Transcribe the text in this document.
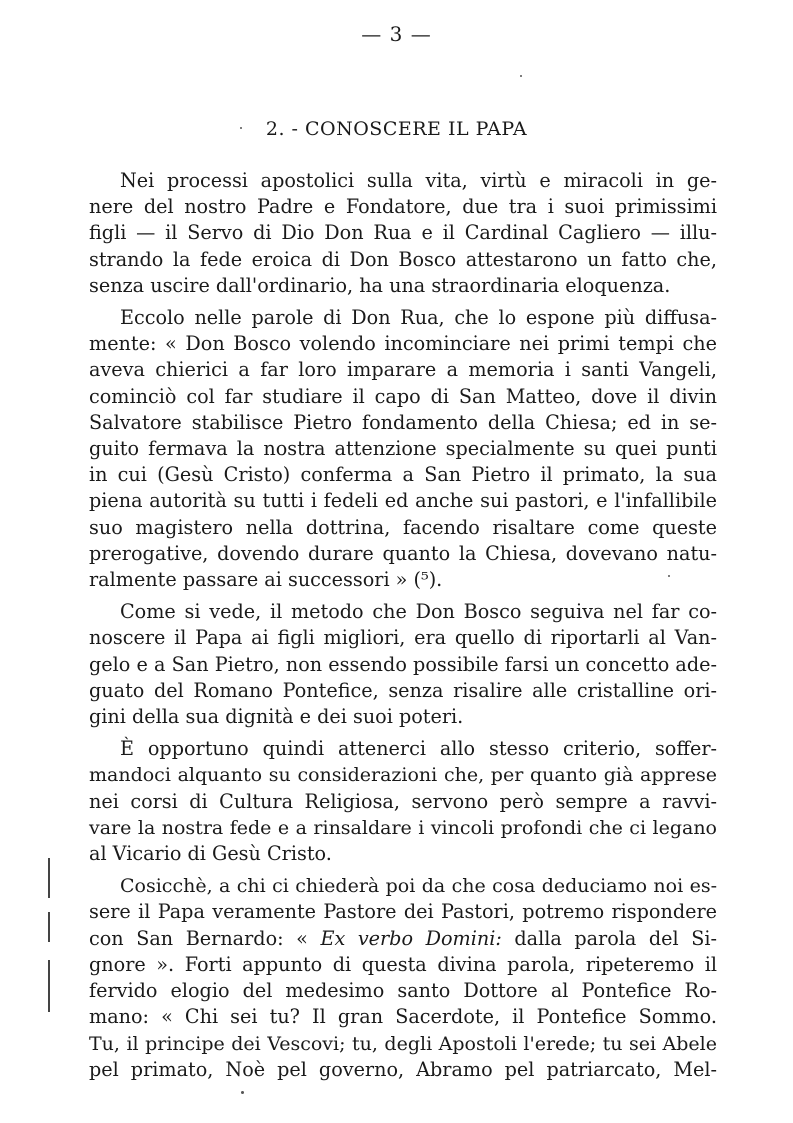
— 3 —
2. - CONOSCERE IL PAPA

Nei processi apostolici sulla vita, virtù e miracoli in ge-
nere del nostro Padre e Fondatore, due tra i suoi primissimi
figli — il Servo di Dio Don Rua e il Cardinal Cagliero — illu-
strando la fede eroica di Don Bosco attestarono un fatto che,
senza uscire dall'ordinario, ha una straordinaria eloquenza.

Eccolo nelle parole di Don Rua, che lo espone più diffusa-
mente: « Don Bosco volendo incominciare nei primi tempi che
aveva chierici a far loro imparare a memoria i santi Vangeli,
cominciò col far studiare il capo di San Matteo, dove il divin
Salvatore stabilisce Pietro fondamento della Chiesa; ed in se-
guito fermava la nostra attenzione specialmente su quei punti
in cui (Gesù Cristo) conferma a San Pietro il primato, la sua
piena autorità su tutti i fedeli ed anche sui pastori, e l'infallibile
suo magistero nella dottrina, facendo risaltare come queste
prerogative, dovendo durare quanto la Chiesa, dovevano natu-
ralmente passare ai successori » (⁵).

Come si vede, il metodo che Don Bosco seguiva nel far co-
noscere il Papa ai figli migliori, era quello di riportarli al Van-
gelo e a San Pietro, non essendo possibile farsi un concetto ade-
guato del Romano Pontefice, senza risalire alle cristalline ori-
gini della sua dignità e dei suoi poteri.

È opportuno quindi attenerci allo stesso criterio, soffer-
mandoci alquanto su considerazioni che, per quanto già apprese
nei corsi di Cultura Religiosa, servono però sempre a ravvi-
vare la nostra fede e a rinsaldare i vincoli profondi che ci legano
al Vicario di Gesù Cristo.

Cosicchè, a chi ci chiederà poi da che cosa deduciamo noi es-
sere il Papa veramente Pastore dei Pastori, potremo rispondere
con San Bernardo: « Ex verbo Domini: dalla parola del Si-
gnore ». Forti appunto di questa divina parola, ripeteremo il
fervido elogio del medesimo santo Dottore al Pontefice Ro-
mano: « Chi sei tu? Il gran Sacerdote, il Pontefice Sommo.
Tu, il principe dei Vescovi; tu, degli Apostoli l'erede; tu sei Abele
pel primato, Noè pel governo, Abramo pel patriarcato, Mel-
